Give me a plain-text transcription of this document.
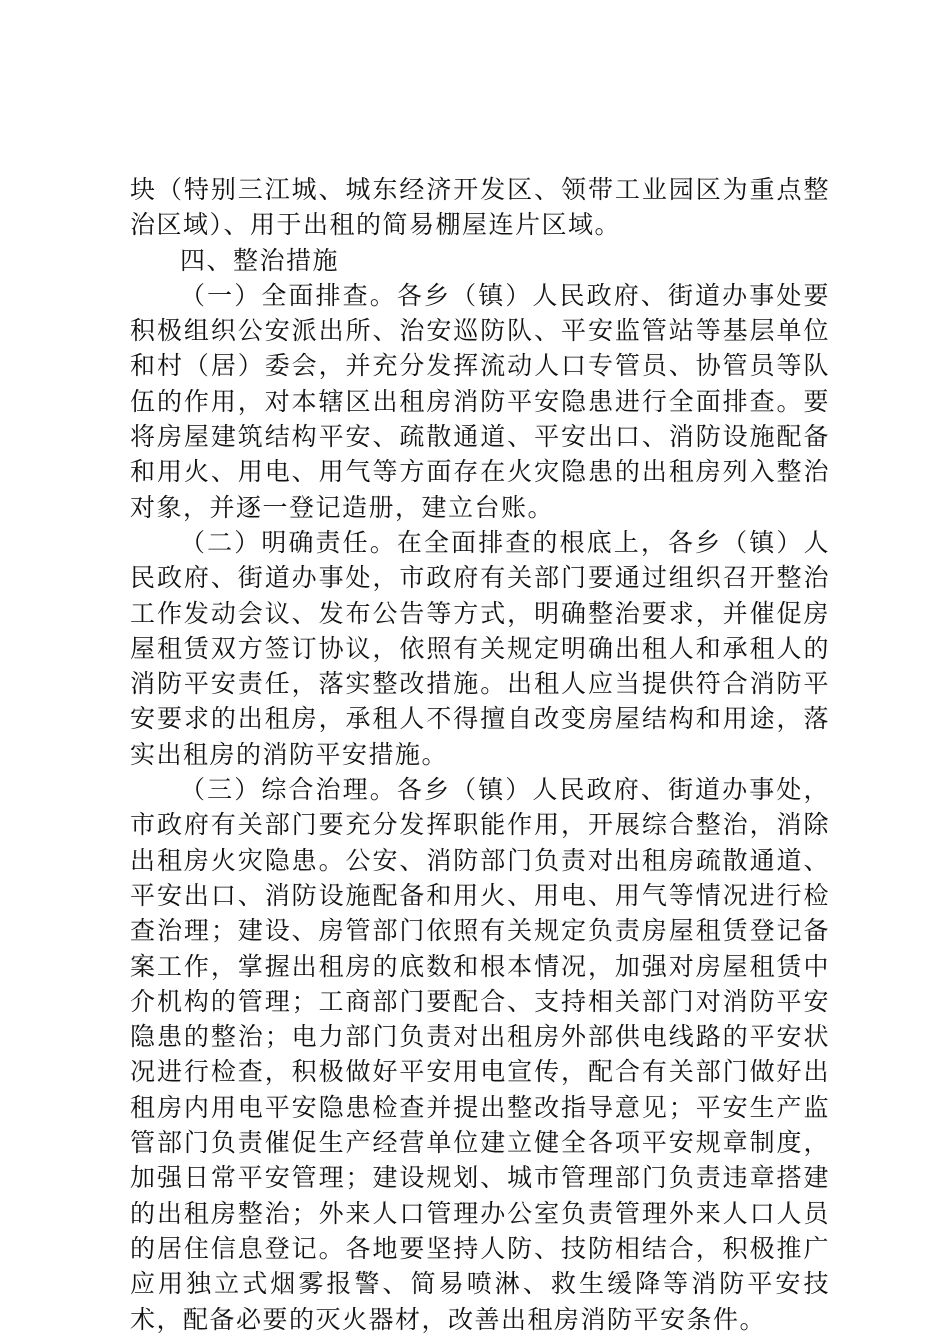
块（特别三江城、城东经济开发区、领带工业园区为重点整治区域）、用于出租的简易棚屋连片区域。

四、整治措施

（一）全面排查。各乡（镇）人民政府、街道办事处要积极组织公安派出所、治安巡防队、平安监管站等基层单位和村（居）委会，并充分发挥流动人口专管员、协管员等队伍的作用，对本辖区出租房消防平安隐患进行全面排查。要将房屋建筑结构平安、疏散通道、平安出口、消防设施配备和用火、用电、用气等方面存在火灾隐患的出租房列入整治对象，并逐一登记造册，建立台账。

（二）明确责任。在全面排查的根底上，各乡（镇）人民政府、街道办事处，市政府有关部门要通过组织召开整治工作发动会议、发布公告等方式，明确整治要求，并催促房屋租赁双方签订协议，依照有关规定明确出租人和承租人的消防平安责任，落实整改措施。出租人应当提供符合消防平安要求的出租房，承租人不得擅自改变房屋结构和用途，落实出租房的消防平安措施。

（三）综合治理。各乡（镇）人民政府、街道办事处，市政府有关部门要充分发挥职能作用，开展综合整治，消除出租房火灾隐患。公安、消防部门负责对出租房疏散通道、平安出口、消防设施配备和用火、用电、用气等情况进行检查治理；建设、房管部门依照有关规定负责房屋租赁登记备案工作，掌握出租房的底数和根本情况，加强对房屋租赁中介机构的管理；工商部门要配合、支持相关部门对消防平安隐患的整治；电力部门负责对出租房外部供电线路的平安状况进行检查，积极做好平安用电宣传，配合有关部门做好出租房内用电平安隐患检查并提出整改指导意见；平安生产监管部门负责催促生产经营单位建立健全各项平安规章制度，加强日常平安管理；建设规划、城市管理部门负责违章搭建的出租房整治；外来人口管理办公室负责管理外来人口人员的居住信息登记。各地要坚持人防、技防相结合，积极推广应用独立式烟雾报警、简易喷淋、救生缓降等消防平安技术，配备必要的灭火器材，改善出租房消防平安条件。
